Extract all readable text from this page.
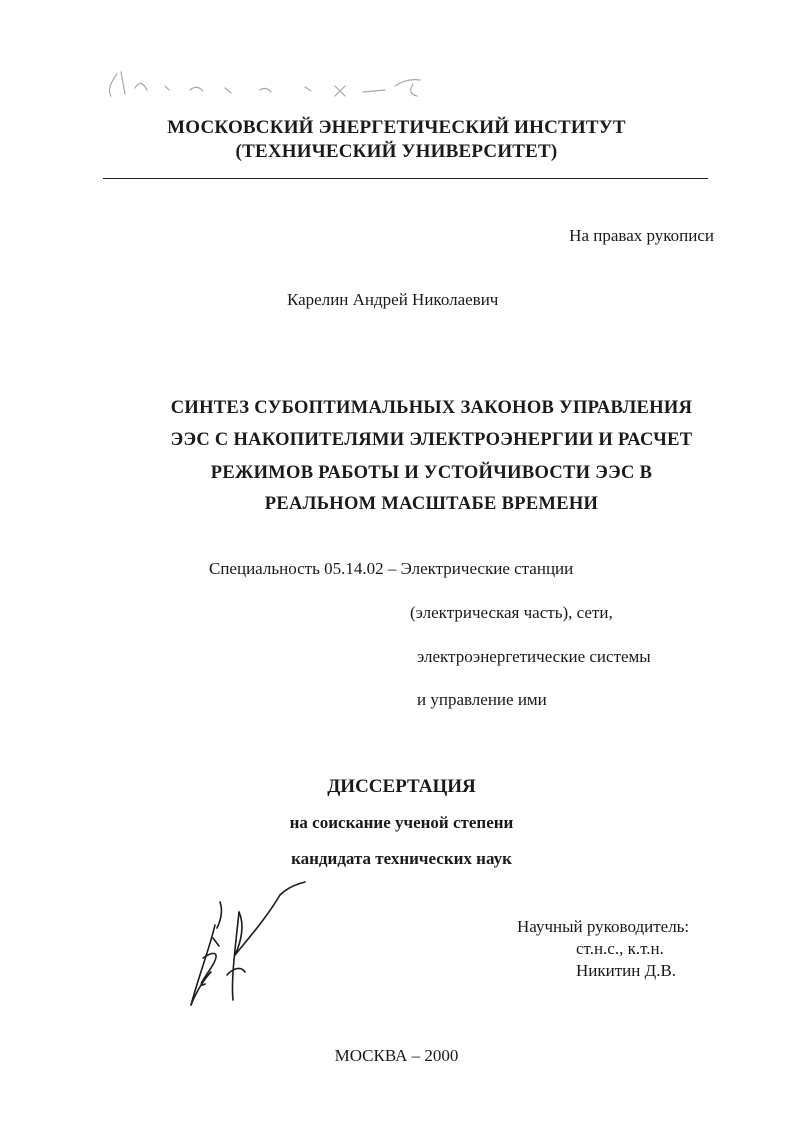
МОСКОВСКИЙ ЭНЕРГЕТИЧЕСКИЙ ИНСТИТУТ

(ТЕХНИЧЕСКИЙ УНИВЕРСИТЕТ)

На правах рукописи

Карелин Андрей Николаевич

СИНТЕЗ СУБОПТИМАЛЬНЫХ ЗАКОНОВ УПРАВЛЕНИЯ

ЭЭС С НАКОПИТЕЛЯМИ ЭЛЕКТРОЭНЕРГИИ И РАСЧЕТ

РЕЖИМОВ РАБОТЫ И УСТОЙЧИВОСТИ ЭЭС В

РЕАЛЬНОМ МАСШТАБЕ ВРЕМЕНИ

Специальность 05.14.02 – Электрические станции

(электрическая часть), сети,

электроэнергетические системы

и управление ими

ДИССЕРТАЦИЯ

на соискание ученой степени

кандидата технических наук

Научный руководитель:

ст.н.с., к.т.н.

Никитин Д.В.

МОСКВА – 2000
